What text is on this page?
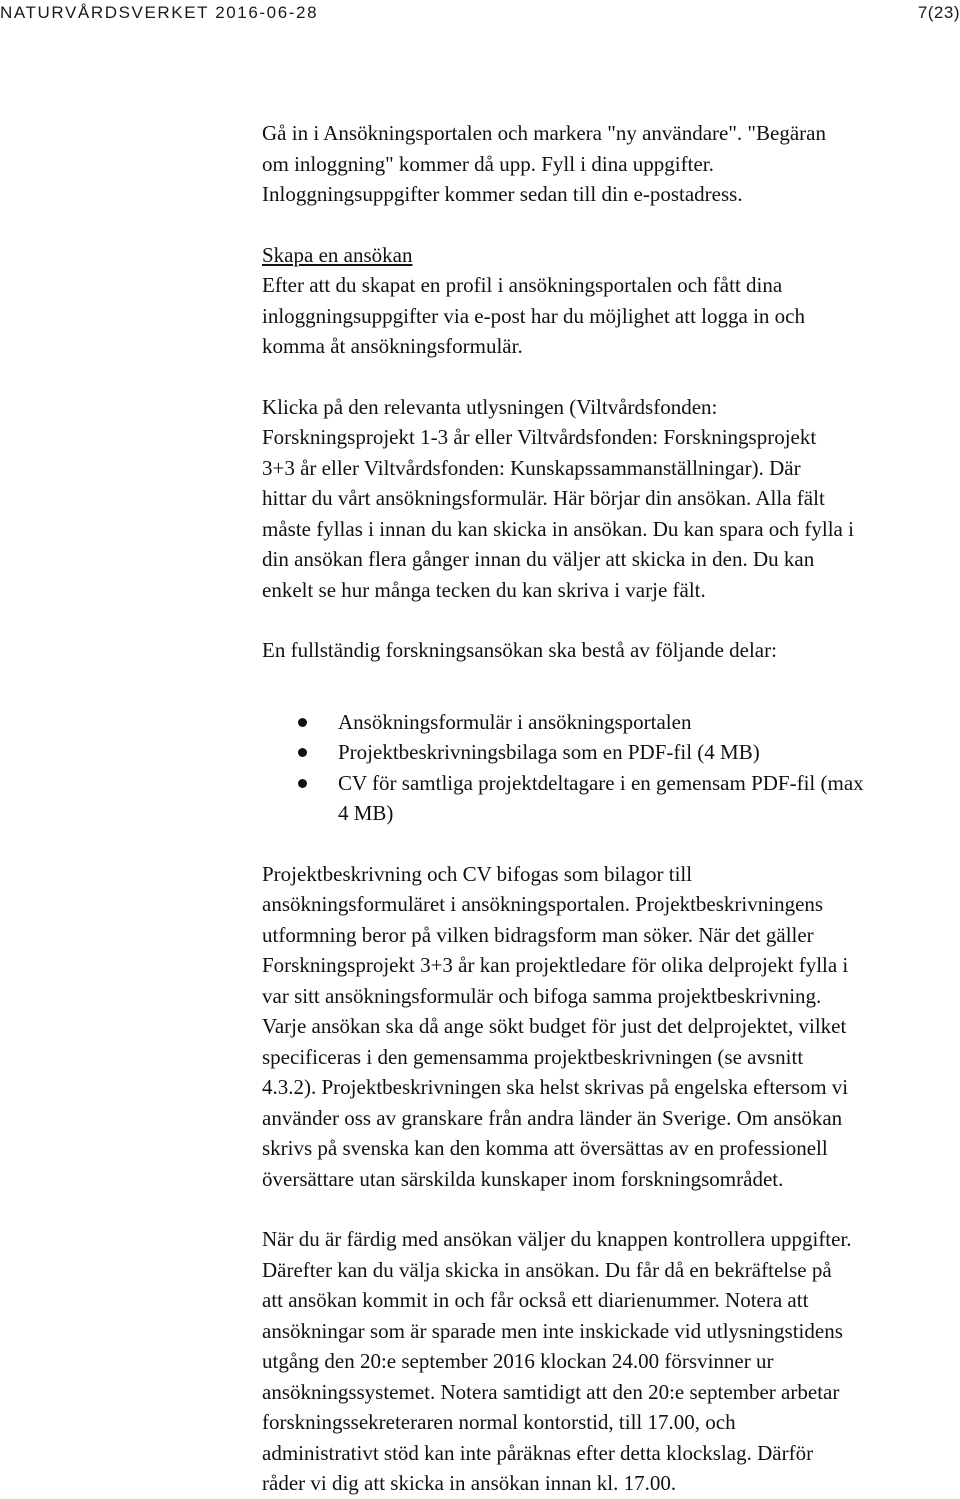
NATURVÅRDSVERKET 2016-06-28	7(23)

Gå in i Ansökningsportalen och markera "ny användare". "Begäran
om inloggning" kommer då upp. Fyll i dina uppgifter.
Inloggningsuppgifter kommer sedan till din e-postadress.

Skapa en ansökan
Efter att du skapat en profil i ansökningsportalen och fått dina
inloggningsuppgifter via e-post har du möjlighet att logga in och
komma åt ansökningsformulär.

Klicka på den relevanta utlysningen (Viltvårdsfonden:
Forskningsprojekt 1-3 år eller Viltvårdsfonden: Forskningsprojekt
3+3 år eller Viltvårdsfonden: Kunskapssammanställningar). Där
hittar du vårt ansökningsformulär. Här börjar din ansökan. Alla fält
måste fyllas i innan du kan skicka in ansökan. Du kan spara och fylla i
din ansökan flera gånger innan du väljer att skicka in den. Du kan
enkelt se hur många tecken du kan skriva i varje fält.

En fullständig forskningsansökan ska bestå av följande delar:

Ansökningsformulär i ansökningsportalen
Projektbeskrivningsbilaga som en PDF-fil (4 MB)
CV för samtliga projektdeltagare i en gemensam PDF-fil (max
4 MB)

Projektbeskrivning och CV bifogas som bilagor till
ansökningsformuläret i ansökningsportalen. Projektbeskrivningens
utformning beror på vilken bidragsform man söker. När det gäller
Forskningsprojekt 3+3 år kan projektledare för olika delprojekt fylla i
var sitt ansökningsformulär och bifoga samma projektbeskrivning.
Varje ansökan ska då ange sökt budget för just det delprojektet, vilket
specificeras i den gemensamma projektbeskrivningen (se avsnitt
4.3.2). Projektbeskrivningen ska helst skrivas på engelska eftersom vi
använder oss av granskare från andra länder än Sverige. Om ansökan
skrivs på svenska kan den komma att översättas av en professionell
översättare utan särskilda kunskaper inom forskningsområdet.

När du är färdig med ansökan väljer du knappen kontrollera uppgifter.
Därefter kan du välja skicka in ansökan. Du får då en bekräftelse på
att ansökan kommit in och får också ett diarienummer. Notera att
ansökningar som är sparade men inte inskickade vid utlysningstidens
utgång den 20:e september 2016 klockan 24.00 försvinner ur
ansökningssystemet. Notera samtidigt att den 20:e september arbetar
forskningssekreteraren normal kontorstid, till 17.00, och
administrativt stöd kan inte påräknas efter detta klockslag. Därför
råder vi dig att skicka in ansökan innan kl. 17.00.
